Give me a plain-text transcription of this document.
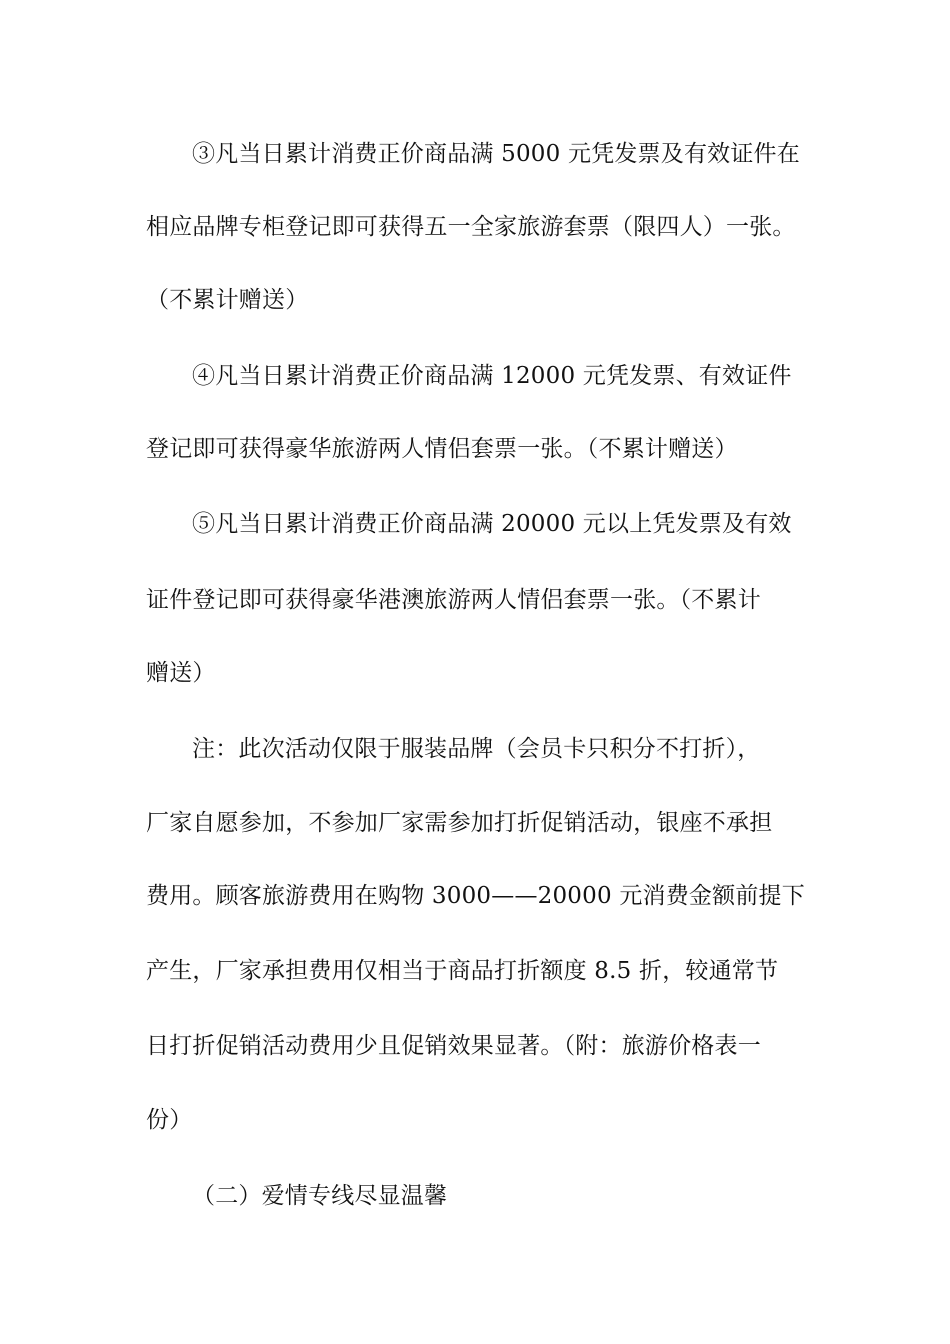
③凡当日累计消费正价商品满 5000 元凭发票及有效证件在
相应品牌专柜登记即可获得五一全家旅游套票（限四人）一张。
（不累计赠送）
④凡当日累计消费正价商品满 12000 元凭发票、有效证件
登记即可获得豪华旅游两人情侣套票一张。（不累计赠送）
⑤凡当日累计消费正价商品满 20000 元以上凭发票及有效
证件登记即可获得豪华港澳旅游两人情侣套票一张。（不累计
赠送）
注：此次活动仅限于服装品牌（会员卡只积分不打折），
厂家自愿参加，不参加厂家需参加打折促销活动，银座不承担
费用。顾客旅游费用在购物 3000——20000 元消费金额前提下
产生，厂家承担费用仅相当于商品打折额度 8.5 折，较通常节
日打折促销活动费用少且促销效果显著。（附：旅游价格表一
份）
（二）爱情专线尽显温馨
